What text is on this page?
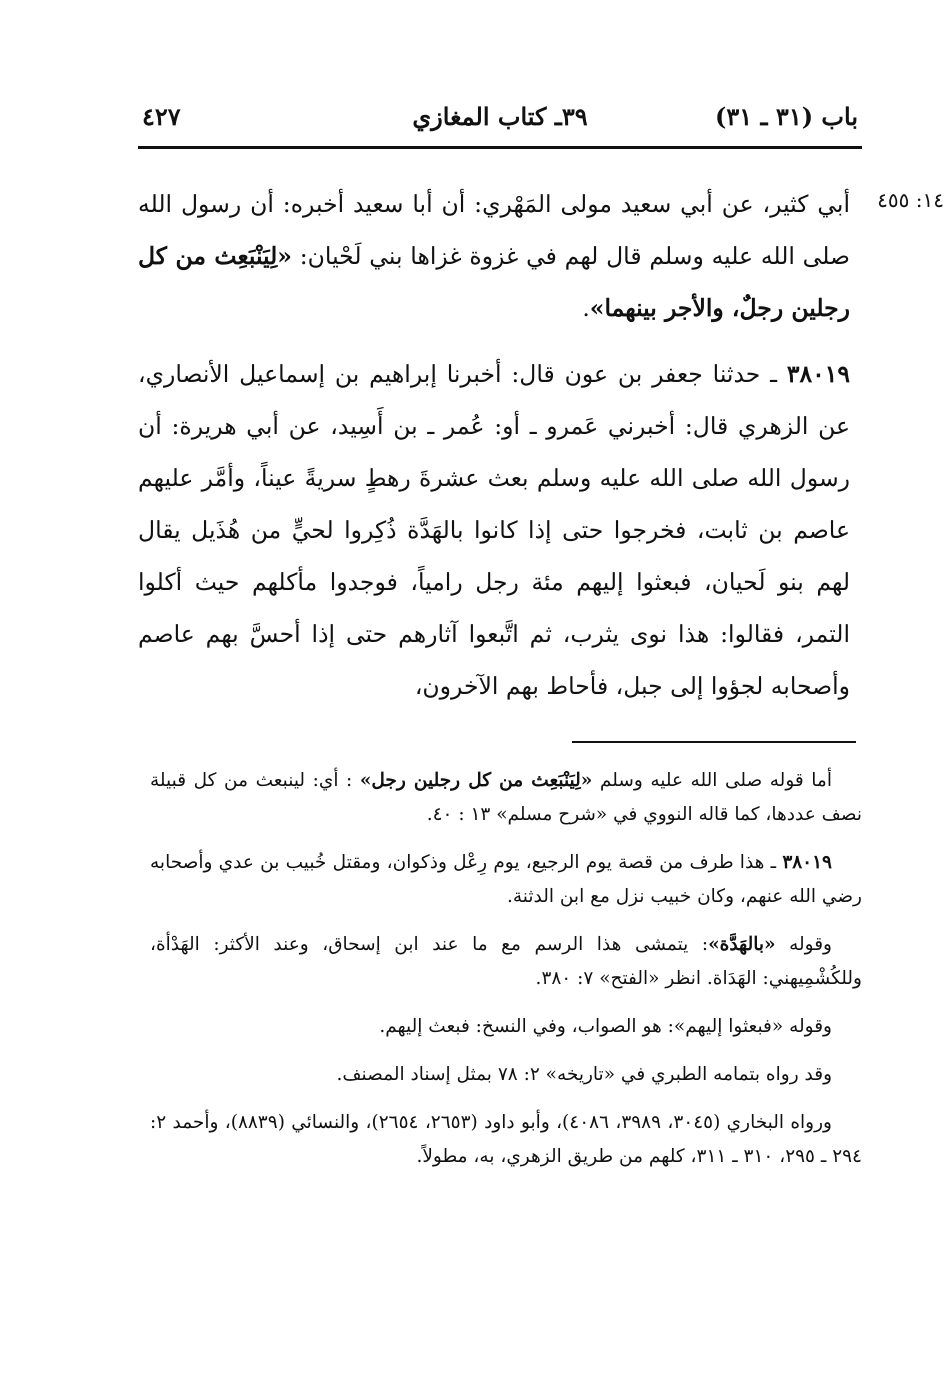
باب (٣١ ـ ٣١)
٣٩ـ كتاب المغازي
٤٢٧
١٤: ٤٥٥

أبي كثير، عن أبي سعيد مولى المَهْري: أن أبا سعيد أخبره: أن رسول الله صلى الله عليه وسلم قال لهم في غزوة غزاها بني لَحْيان: «لِيَنْبَعِث من كل رجلين رجلٌ، والأجر بينهما».

٣٨٠١٩ ـ حدثنا جعفر بن عون قال: أخبرنا إبراهيم بن إسماعيل الأنصاري، عن الزهري قال: أخبرني عَمرو ـ أو: عُمر ـ بن أَسِيد، عن أبي هريرة: أن رسول الله صلى الله عليه وسلم بعث عشرةَ رهطٍ سريةً عيناً، وأمَّر عليهم عاصم بن ثابت، فخرجوا حتى إذا كانوا بالهَدَّة ذُكِروا لحيٍّ من هُذَيل يقال لهم بنو لَحيان، فبعثوا إليهم مئة رجل رامياً، فوجدوا مأكلهم حيث أكلوا التمر، فقالوا: هذا نوى يثرب، ثم اتَّبعوا آثارهم حتى إذا أحسَّ بهم عاصم وأصحابه لجؤوا إلى جبل، فأحاط بهم الآخرون،

أما قوله صلى الله عليه وسلم «لِيَنْبَعِث من كل رجلين رجل» : أي: لينبعث من كل قبيلة نصف عددها، كما قاله النووي في «شرح مسلم» ١٣ : ٤٠.

٣٨٠١٩ ـ هذا طرف من قصة يوم الرجيع، يوم رِعْل وذكوان، ومقتل خُبيب بن عدي وأصحابه رضي الله عنهم، وكان خبيب نزل مع ابن الدثنة.

وقوله «بالهَدَّة»: يتمشى هذا الرسم مع ما عند ابن إسحاق، وعند الأكثر: الهَدْأة، وللكُشْمِيهني: الهَدَاة. انظر «الفتح» ٧: ٣٨٠.

وقوله «فبعثوا إليهم»: هو الصواب، وفي النسخ: فبعث إليهم.

وقد رواه بتمامه الطبري في «تاريخه» ٢: ٧٨ بمثل إسناد المصنف.

ورواه البخاري (٣٠٤٥، ٣٩٨٩، ٤٠٨٦)، وأبو داود (٢٦٥٣، ٢٦٥٤)، والنسائي (٨٨٣٩)، وأحمد ٢: ٢٩٤ ـ ٢٩٥، ٣١٠ ـ ٣١١، كلهم من طريق الزهري، به، مطولاً.
